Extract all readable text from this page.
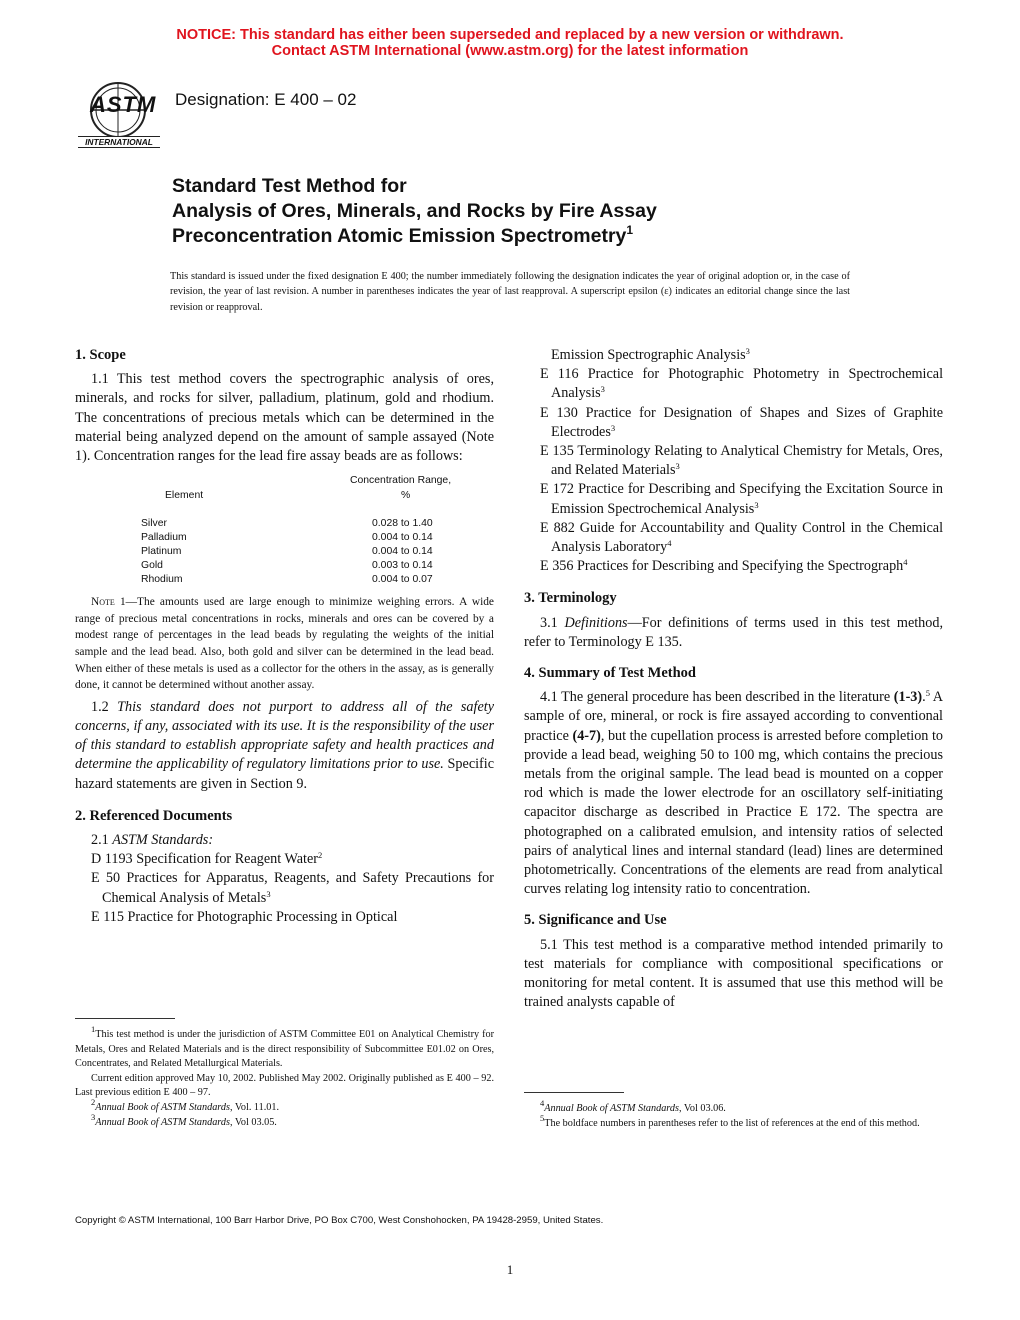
NOTICE: This standard has either been superseded and replaced by a new version or withdrawn.
Contact ASTM International (www.astm.org) for the latest information
ASTM
INTERNATIONAL
Designation: E 400 – 02
Standard Test Method for
Analysis of Ores, Minerals, and Rocks by Fire Assay
Preconcentration Atomic Emission Spectrometry$^1$
This standard is issued under the fixed designation E 400; the number immediately following the designation indicates the year of original adoption or, in the case of revision, the year of last revision. A number in parentheses indicates the year of last reapproval. A superscript epsilon (ε) indicates an editorial change since the last revision or reapproval.

1. Scope

1.1 This test method covers the spectrographic analysis of ores, minerals, and rocks for silver, palladium, platinum, gold and rhodium. The concentrations of precious metals which can be determined in the material being analyzed depend on the amount of sample assayed (Note 1). Concentration ranges for the lead fire assay beads are as follows:

Concentration Range,
Element	%
Silver	0.028 to 1.40
Palladium	0.004 to 0.14
Platinum	0.004 to 0.14
Gold	0.003 to 0.14
Rhodium	0.004 to 0.07

Note 1—The amounts used are large enough to minimize weighing errors. A wide range of precious metal concentrations in rocks, minerals and ores can be covered by a modest range of percentages in the lead beads by regulating the weights of the initial sample and the lead bead. Also, both gold and silver can be determined in the lead bead. When either of these metals is used as a collector for the others in the assay, as is generally done, it cannot be determined without another assay.

1.2 This standard does not purport to address all of the safety concerns, if any, associated with its use. It is the responsibility of the user of this standard to establish appropriate safety and health practices and determine the applicability of regulatory limitations prior to use. Specific hazard statements are given in Section 9.

2. Referenced Documents

2.1 ASTM Standards:

D 1193 Specification for Reagent Water$^2$

E 50 Practices for Apparatus, Reagents, and Safety Precautions for Chemical Analysis of Metals$^3$

E 115 Practice for Photographic Processing in Optical

$^1$This test method is under the jurisdiction of ASTM Committee E01 on Analytical Chemistry for Metals, Ores and Related Materials and is the direct responsibility of Subcommittee E01.02 on Ores, Concentrates, and Related Metallurgical Materials.

Current edition approved May 10, 2002. Published May 2002. Originally published as E 400 – 92. Last previous edition E 400 – 97.

$^2$Annual Book of ASTM Standards, Vol. 11.01.

$^3$Annual Book of ASTM Standards, Vol 03.05.

Emission Spectrographic Analysis$^3$

E 116 Practice for Photographic Photometry in Spectrochemical Analysis$^3$

E 130 Practice for Designation of Shapes and Sizes of Graphite Electrodes$^3$

E 135 Terminology Relating to Analytical Chemistry for Metals, Ores, and Related Materials$^3$

E 172 Practice for Describing and Specifying the Excitation Source in Emission Spectrochemical Analysis$^3$

E 882 Guide for Accountability and Quality Control in the Chemical Analysis Laboratory$^4$

E 356 Practices for Describing and Specifying the Spectrograph$^4$

3. Terminology

3.1 Definitions—For definitions of terms used in this test method, refer to Terminology E 135.

4. Summary of Test Method

4.1 The general procedure has been described in the literature (1-3).$^5$ A sample of ore, mineral, or rock is fire assayed according to conventional practice (4-7), but the cupellation process is arrested before completion to provide a lead bead, weighing 50 to 100 mg, which contains the precious metals from the original sample. The lead bead is mounted on a copper rod which is made the lower electrode for an oscillatory self-initiating capacitor discharge as described in Practice E 172. The spectra are photographed on a calibrated emulsion, and intensity ratios of selected pairs of analytical lines and internal standard (lead) lines are determined photometrically. Concentrations of the elements are read from analytical curves relating log intensity ratio to concentration.

5. Significance and Use

5.1 This test method is a comparative method intended primarily to test materials for compliance with compositional specifications or monitoring for metal content. It is assumed that use this method will be trained analysts capable of

$^4$Annual Book of ASTM Standards, Vol 03.06.

$^5$The boldface numbers in parentheses refer to the list of references at the end of this method.

Copyright © ASTM International, 100 Barr Harbor Drive, PO Box C700, West Conshohocken, PA 19428-2959, United States.
1
